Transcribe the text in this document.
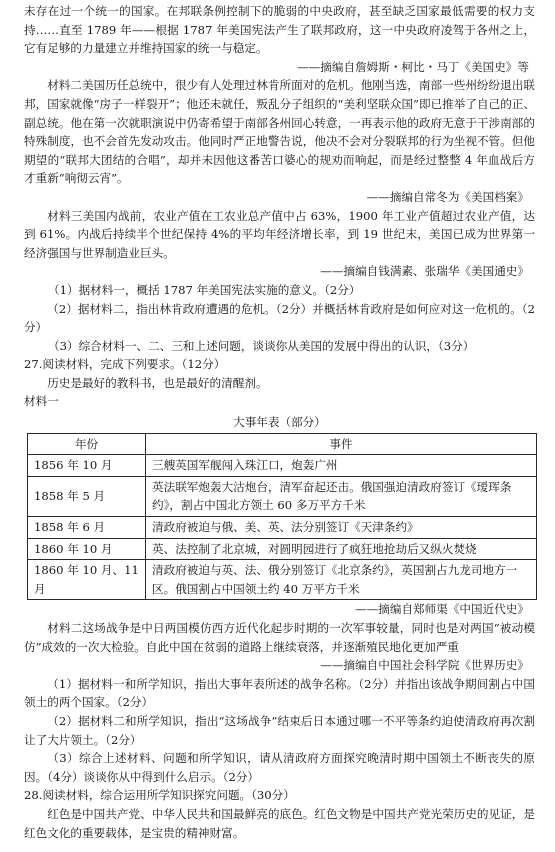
未存在过一个统一的国家。在邦联条例控制下的脆弱的中央政府，甚至缺乏国家最低需要的权力支持……直至 1789 年——根据 1787 年美国宪法产生了联邦政府，这一中央政府凌驾于各州之上，它有足够的力量建立并维持国家的统一与稳定。

——摘编自詹姆斯・柯比・马丁《美国史》等

材料二美国历任总统中，很少有人处理过林肯所面对的危机。他刚当选，南部一些州纷纷退出联邦，国家就像“房子一样裂开”；他还未就任，叛乱分子组织的“美利坚联众国”即已推举了自己的正、副总统。他在第一次就职演说中仍寄希望于南部各州回心转意，一再表示他的政府无意于干涉南部的特殊制度，也不会首先发动攻击。他同时严正地警告说，他决不会对分裂联邦的行为坐视不管。但他期望的“联邦大团结的合唱”，却并未因他这番苦口婆心的规劝而响起，而是经过整整 4 年血战后方才重新“响彻云宵”。

——摘编自常冬为《美国档案》

材料三美国内战前，农业产值在工农业总产值中占 63%，1900 年工业产值超过农业产值，达到 61%。内战后持续半个世纪保持 4%的平均年经济增长率，到 19 世纪末，美国已成为世界第一经济强国与世界制造业巨头。

——摘编自钱满素、张瑞华《美国通史》

（1）据材料一，概括 1787 年美国宪法实施的意义。（2分）

（2）据材料二，指出林肯政府遭遇的危机。（2分）并概括林肯政府是如何应对这一危机的。（2分）

（3）综合材料一、二、三和上述问题，谈谈你从美国的发展中得出的认识，（3分）

27.阅读材料，完成下列要求。（12分）

历史是最好的教科书，也是最好的清醒剂。

材料一

大事年表（部分）

年份	事件
1856 年 10 月	三艘英国军舰闯入珠江口，炮轰广州
1858 年 5 月	英法联军炮轰大沽炮台，清军奋起还击。俄国强迫清政府签订《瑷珲条约》，割占中国北方领土 60 多万平方千米
1858 年 6 月	清政府被迫与俄、美、英、法分别签订《天津条约》
1860 年 10 月	英、法控制了北京城，对圆明园进行了疯狂地抢劫后又纵火焚烧
1860 年 10 月、11 月	清政府被迫与英、法、俄分别签订《北京条约》，英国割占九龙司地方一区。俄国割占中国领土约 40 万平方千米

——摘编自郑师渠《中国近代史》

材料二这场战争是中日两国模仿西方近代化起步时期的一次军事较量，同时也是对两国“被动模仿”成效的一次大检验。自此中国在贫弱的道路上继续衰落，并逐渐殖民地化更加严重

——摘编自中国社会科学院《世界历史》

（1）据材料一和所学知识，指出大事年表所述的战争名称。（2分）并指出该战争期间割占中国领土的两个国家。（2分）

（2）据材料二和所学知识，指出“这场战争”结束后日本通过哪一不平等条约迫使清政府再次割让了大片领土。（2分）

（3）综合上述材料、问题和所学知识，请从清政府方面探究晚清时期中国领土不断丧失的原因。（4分）谈谈你从中得到什么启示。（2分）

28.阅读材料，综合运用所学知识探究问题。（30分）

红色是中国共产党、中华人民共和国最鲜亮的底色。红色文物是中国共产党光荣历史的见证，是红色文化的重要载体，是宝贵的精神财富。
